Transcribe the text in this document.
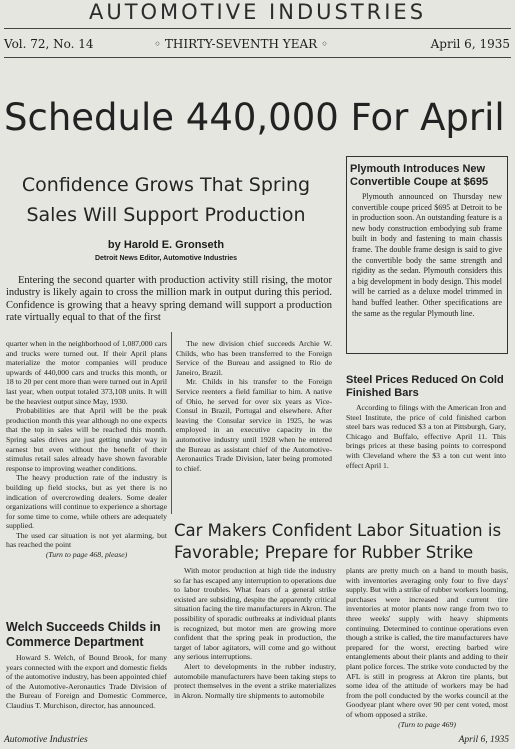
AUTOMOTIVE INDUSTRIES
Vol. 72, No. 14	◦ THIRTY-SEVENTH YEAR ◦	April 6, 1935
Schedule 440,000 For April
Confidence Grows That Spring Sales Will Support Production
by Harold E. Gronseth
Detroit News Editor, Automotive Industries
Entering the second quarter with production activity still rising, the motor industry is likely again to cross the million mark in output during this period. Confidence is growing that a heavy spring demand will support a production rate virtually equal to that of the first

quarter when in the neighborhood of 1,087,000 cars and trucks were turned out. If their April plans materialize the motor companies will produce upwards of 440,000 cars and trucks this month, or 18 to 20 per cent more than were turned out in April last year, when output totaled 373,108 units. It will be the heaviest output since May, 1930.

Probabilities are that April will be the peak production month this year although no one expects that the top in sales will be reached this month. Spring sales drives are just getting under way in earnest but even without the benefit of their stimulus retail sales already have shown favorable response to improving weather conditions.

The heavy production rate of the industry is building up field stocks, but as yet there is no indication of overcrowding dealers. Some dealer organizations will continue to experience a shortage for some time to come, while others are adequately supplied.

The used car situation is not yet alarming, but has reached the point

(Turn to page 468, please)

Welch Succeeds Childs in Commerce Department

Howard S. Welch, of Bound Brook, for many years connected with the export and domestic fields of the automotive industry, has been appointed chief of the Automotive-Aeronautics Trade Division of the Bureau of Foreign and Domestic Commerce, Claudius T. Murchison, director, has announced.

The new division chief succeeds Archie W. Childs, who has been transferred to the Foreign Service of the Bureau and assigned to Rio de Janeiro, Brazil.

Mr. Childs in his transfer to the Foreign Service reenters a field familiar to him. A native of Ohio, he served for over six years as Vice-Consul in Brazil, Portugal and elsewhere. After leaving the Consular service in 1925, he was employed in an executive capacity in the automotive industry until 1928 when he entered the Bureau as assistant chief of the Automotive-Aeronautics Trade Division, later being promoted to chief.

Plymouth Introduces New Convertible Coupe at $695

Plymouth announced on Thursday new convertible coupe priced $695 at Detroit to be in production soon. An outstanding feature is a new body construction embodying sub frame built in body and fastening to main chassis frame. The double frame design is said to give the convertible body the same strength and rigidity as the sedan. Plymouth considers this a big development in body design. This model will be carried as a deluxe model trimmed in hand buffed leather. Other specifications are the same as the regular Plymouth line.

Steel Prices Reduced On Cold Finished Bars

According to filings with the American Iron and Steel Institute, the price of cold finished carbon steel bars was reduced $3 a ton at Pittsburgh, Gary, Chicago and Buffalo, effective April 11. This brings prices at these basing points to correspond with Cleveland where the $3 a ton cut went into effect April 1.

Car Makers Confident Labor Situation is Favorable; Prepare for Rubber Strike

With motor production at high tide the industry so far has escaped any interruption to operations due to labor troubles. What fears of a general strike existed are subsiding, despite the apparently critical situation facing the tire manufacturers in Akron. The possibility of sporadic outbreaks at individual plants is recognized, but motor men are growing more confident that the spring peak in production, the target of labor agitators, will come and go without any serious interruptions.

Alert to developments in the rubber industry, automobile manufacturers have been taking steps to protect themselves in the event a strike materializes in Akron. Normally tire shipments to automobile

plants are pretty much on a hand to mouth basis, with inventories averaging only four to five days' supply. But with a strike of rubber workers looming, purchases were increased and current tire inventories at motor plants now range from two to three weeks' supply with heavy shipments continuing. Determined to continue operations even though a strike is called, the tire manufacturers have prepared for the worst, erecting barbed wire entanglements about their plants and adding to their plant police forces. The strike vote conducted by the AFL is still in progress at Akron tire plants, but some idea of the attitude of workers may be had from the poll conducted by the works council at the Goodyear plant where over 90 per cent voted, most of whom opposed a strike.

(Turn to page 469)

Automotive Industries	April 6, 1935
